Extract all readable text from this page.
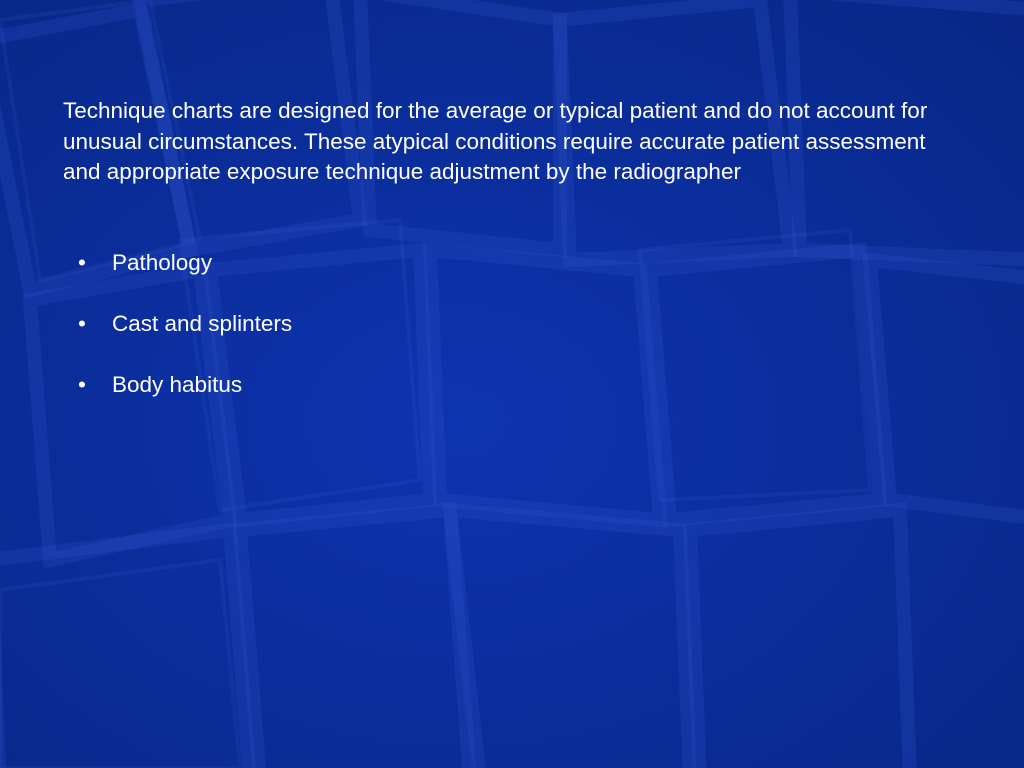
Technique charts are designed for the average or typical patient and do not account for unusual circumstances. These atypical conditions require accurate patient assessment and appropriate exposure technique adjustment by the radiographer

• Pathology
• Cast and splinters
• Body habitus
